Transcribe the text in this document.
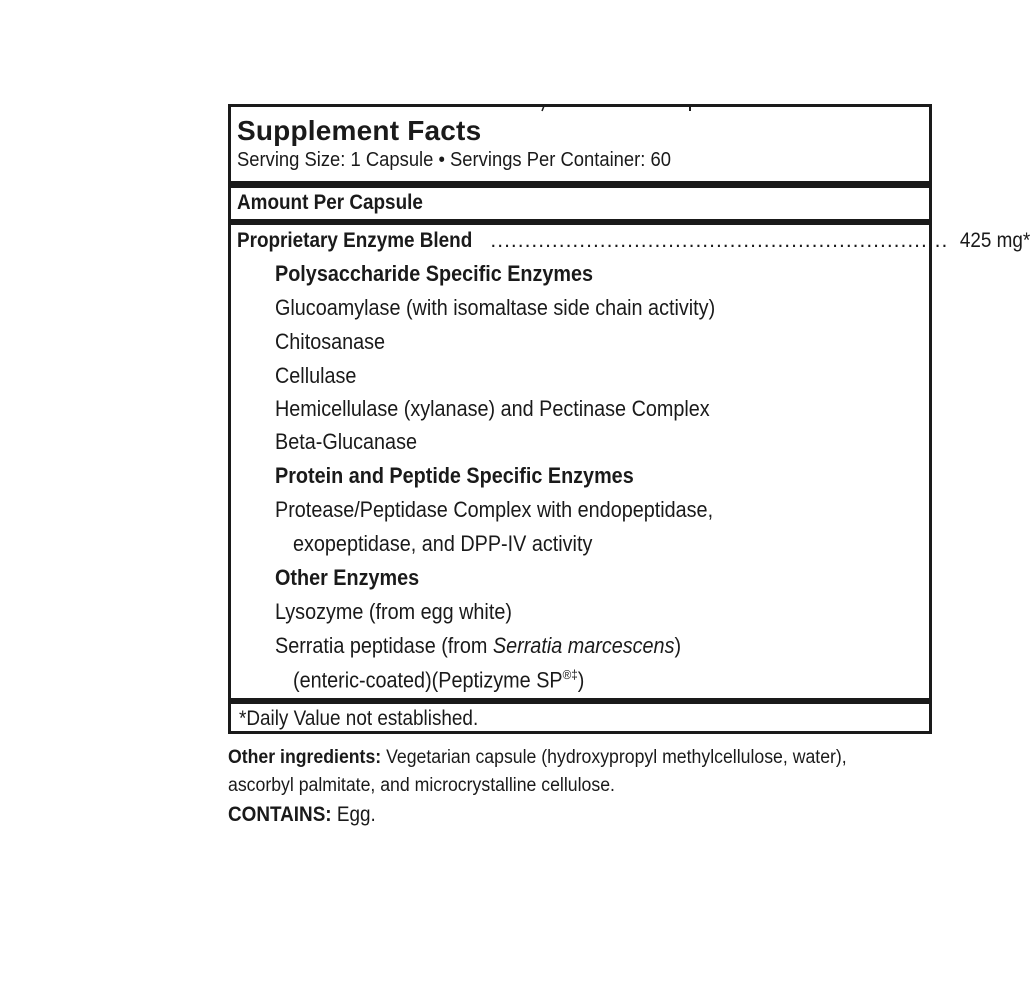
Supplement Facts
Serving Size: 1 Capsule • Servings Per Container: 60
Amount Per Capsule
Proprietary Enzyme Blend ................................................................... 425 mg*
Polysaccharide Specific Enzymes
Glucoamylase (with isomaltase side chain activity)
Chitosanase
Cellulase
Hemicellulase (xylanase) and Pectinase Complex
Beta-Glucanase
Protein and Peptide Specific Enzymes
Protease/Peptidase Complex with endopeptidase,
exopeptidase, and DPP-IV activity
Other Enzymes
Lysozyme (from egg white)
Serratia peptidase (from Serratia marcescens)
(enteric-coated)(Peptizyme SP®‡)
*Daily Value not established.
Other ingredients: Vegetarian capsule (hydroxypropyl methylcellulose, water), ascorbyl palmitate, and microcrystalline cellulose.
CONTAINS: Egg.
